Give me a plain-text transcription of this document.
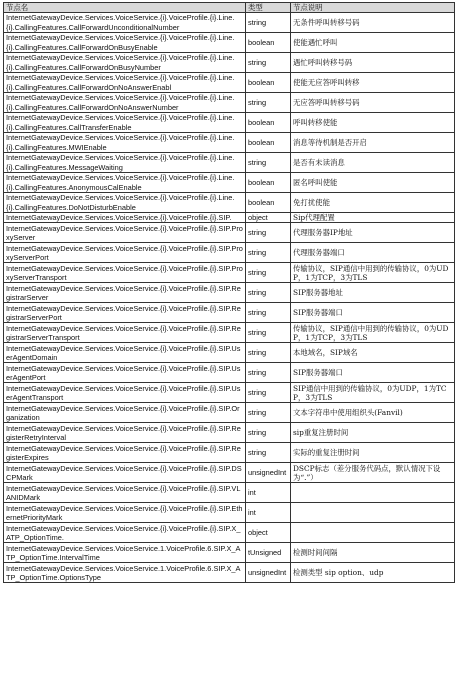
节点名	类型	节点说明
InternetGatewayDevice.Services.VoiceService.{i}.VoiceProfile.{i}.Line.{i}.CallingFeatures.CallForwardUnconditionalNumber	string	无条件呼叫转移号码
InternetGatewayDevice.Services.VoiceService.{i}.VoiceProfile.{i}.Line.{i}.CallingFeatures.CallForwardOnBusyEnable	boolean	使能遇忙呼叫
InternetGatewayDevice.Services.VoiceService.{i}.VoiceProfile.{i}.Line.{i}.CallingFeatures.CallForwardOnBusyNumber	string	遇忙呼叫转移号码
InternetGatewayDevice.Services.VoiceService.{i}.VoiceProfile.{i}.Line.{i}.CallingFeatures.CallForwardOnNoAnswerEnabl	boolean	使能无应答呼叫转移
InternetGatewayDevice.Services.VoiceService.{i}.VoiceProfile.{i}.Line.{i}.CallingFeatures.CallForwardOnNoAnswerNumber	string	无应答呼叫转移号码
InternetGatewayDevice.Services.VoiceService.{i}.VoiceProfile.{i}.Line.{i}.CallingFeatures.CallTransferEnable	boolean	呼叫转移使能
InternetGatewayDevice.Services.VoiceService.{i}.VoiceProfile.{i}.Line.{i}.CallingFeatures.MWIEnable	boolean	消息等待机制是否开启
InternetGatewayDevice.Services.VoiceService.{i}.VoiceProfile.{i}.Line.{i}.CallingFeatures.MessageWaiting	string	是否有未读消息
InternetGatewayDevice.Services.VoiceService.{i}.VoiceProfile.{i}.Line.{i}.CallingFeatures.AnonymousCalEnable	boolean	匿名呼叫使能
InternetGatewayDevice.Services.VoiceService.{i}.VoiceProfile.{i}.Line.{i}.CallingFeatures.DoNotDisturbEnable	boolean	免打扰使能
InternetGatewayDevice.Services.VoiceService.{i}.VoiceProfile.{i}.SIP.	object	Sip代理配置
InternetGatewayDevice.Services.VoiceService.{i}.VoiceProfile.{i}.SIP.ProxyServer	string	代理服务器IP地址
InternetGatewayDevice.Services.VoiceService.{i}.VoiceProfile.{i}.SIP.ProxyServerPort	string	代理服务器端口
InternetGatewayDevice.Services.VoiceService.{i}.VoiceProfile.{i}.SIP.ProxyServerTransport	string	传输协议，SIP通信中用到的传输协议，0为UDP，1为TCP，3为TLS
InternetGatewayDevice.Services.VoiceService.{i}.VoiceProfile.{i}.SIP.RegistrarServer	string	SIP服务器地址
InternetGatewayDevice.Services.VoiceService.{i}.VoiceProfile.{i}.SIP.RegistrarServerPort	string	SIP服务器端口
InternetGatewayDevice.Services.VoiceService.{i}.VoiceProfile.{i}.SIP.RegistrarServerTransport	string	传输协议，SIP通信中用到的传输协议，0为UDP，1为TCP，3为TLS
InternetGatewayDevice.Services.VoiceService.{i}.VoiceProfile.{i}.SIP.UserAgentDomain	string	本地域名，SIP域名
InternetGatewayDevice.Services.VoiceService.{i}.VoiceProfile.{i}.SIP.UserAgentPort	string	SIP服务器端口
InternetGatewayDevice.Services.VoiceService.{i}.VoiceProfile.{i}.SIP.UserAgentTransport	string	SIP通信中用到的传输协议，0为UDP，1为TCP，3为TLS
InternetGatewayDevice.Services.VoiceService.{i}.VoiceProfile.{i}.SIP.Organization	string	文本字符串中使用组织头(Fanvil)
InternetGatewayDevice.Services.VoiceService.{i}.VoiceProfile.{i}.SIP.RegisterRetryInterval	string	sip重复注册时间
InternetGatewayDevice.Services.VoiceService.{i}.VoiceProfile.{i}.SIP.RegisterExpires	string	实际的重复注册时间
InternetGatewayDevice.Services.VoiceService.{i}.VoiceProfile.{i}.SIP.DSCPMark	unsignedInt	DSCP标志（差分服务代码点，默认情况下设为“.”）
InternetGatewayDevice.Services.VoiceService.{i}.VoiceProfile.{i}.SIP.VLANIDMark	int	
InternetGatewayDevice.Services.VoiceService.{i}.VoiceProfile.{i}.SIP.EthernetPriorityMark	int	
InternetGatewayDevice.Services.VoiceService.{i}.VoiceProfile.{i}.SIP.X_ATP_OptionTime.	object	
InternetGatewayDevice.Services.VoiceService.1.VoiceProfile.6.SIP.X_ATP_OptionTime.IntervalTime	tUnsigned	检测时间间隔
InternetGatewayDevice.Services.VoiceService.1.VoiceProfile.6.SIP.X_ATP_OptionTime.OptionsType	unsignedInt	检测类型 sip option、udp
